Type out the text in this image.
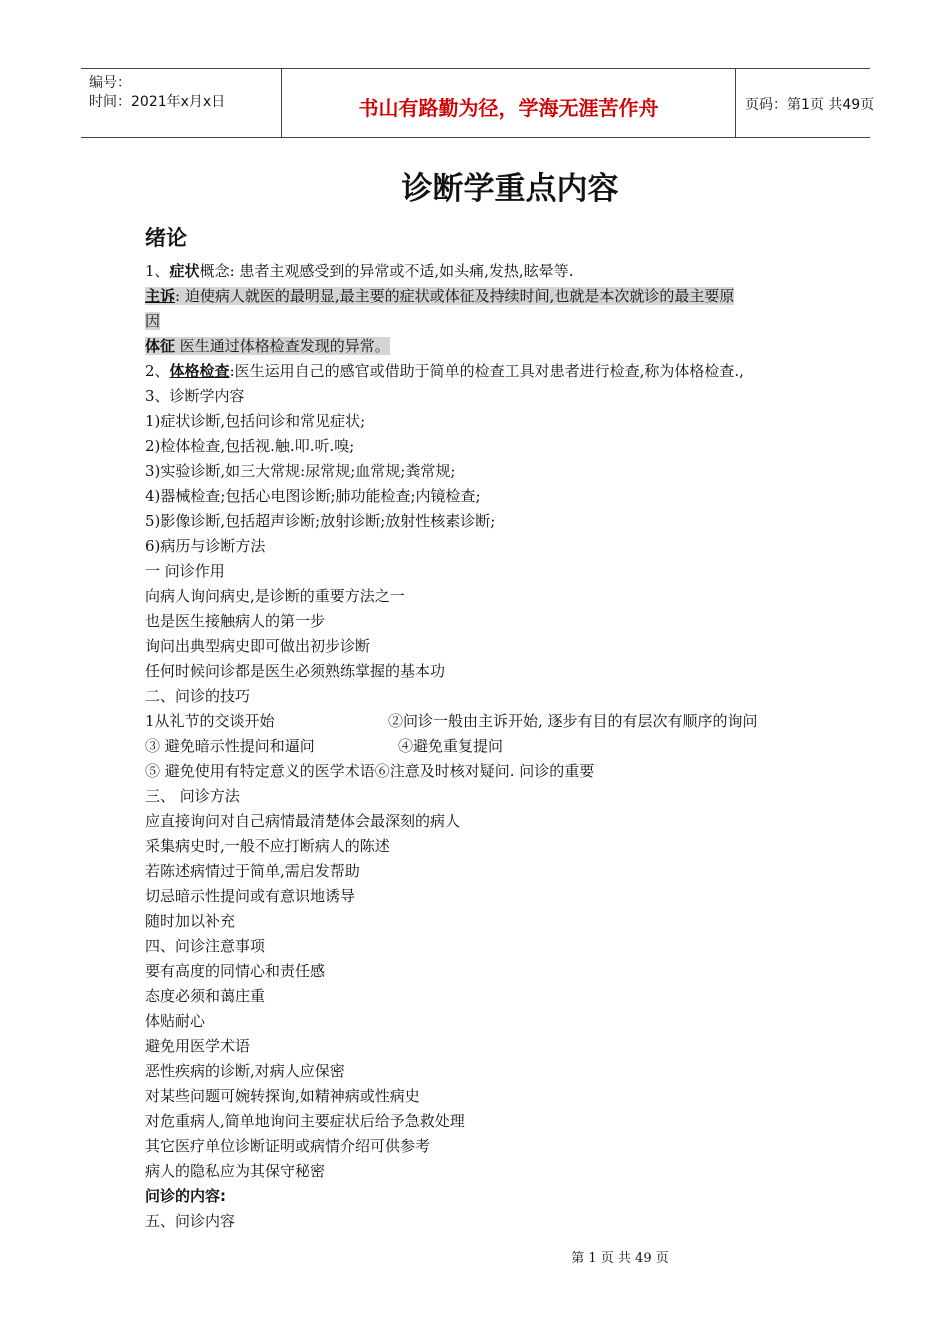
编号：
时间：2021年x月x日	书山有路勤为径，学海无涯苦作舟	页码：第1页 共49页
诊断学重点内容
绪论
1、症状概念: 患者主观感受到的异常或不适,如头痛,发热,眩晕等.
主诉: 迫使病人就医的最明显,最主要的症状或体征及持续时间,也就是本次就诊的最主要原
因
体征 医生通过体格检查发现的异常。
2、体格检查:医生运用自己的感官或借助于简单的检查工具对患者进行检查,称为体格检查.,
3、诊断学内容
1)症状诊断,包括问诊和常见症状;
2)检体检查,包括视.触.叩.听.嗅;
3)实验诊断,如三大常规:尿常规;血常规;粪常规;
4)器械检查;包括心电图诊断;肺功能检查;内镜检查;
5)影像诊断,包括超声诊断;放射诊断;放射性核素诊断;
6)病历与诊断方法
一 问诊作用
向病人询问病史,是诊断的重要方法之一
也是医生接触病人的第一步
询问出典型病史即可做出初步诊断
任何时候问诊都是医生必须熟练掌握的基本功
二、问诊的技巧
1从礼节的交谈开始	②问诊一般由主诉开始, 逐步有目的有层次有顺序的询问
③ 避免暗示性提问和逼问	④避免重复提问
⑤ 避免使用有特定意义的医学术语⑥注意及时核对疑问. 问诊的重要
三、 问诊方法
应直接询问对自己病情最清楚体会最深刻的病人
采集病史时,一般不应打断病人的陈述
若陈述病情过于简单,需启发帮助
切忌暗示性提问或有意识地诱导
随时加以补充
四、问诊注意事项
要有高度的同情心和责任感
态度必须和蔼庄重
体贴耐心
避免用医学术语
恶性疾病的诊断,对病人应保密
对某些问题可婉转探询,如精神病或性病史
对危重病人,简单地询问主要症状后给予急救处理
其它医疗单位诊断证明或病情介绍可供参考
病人的隐私应为其保守秘密
问诊的内容:
五、问诊内容
第 1 页 共 49 页
